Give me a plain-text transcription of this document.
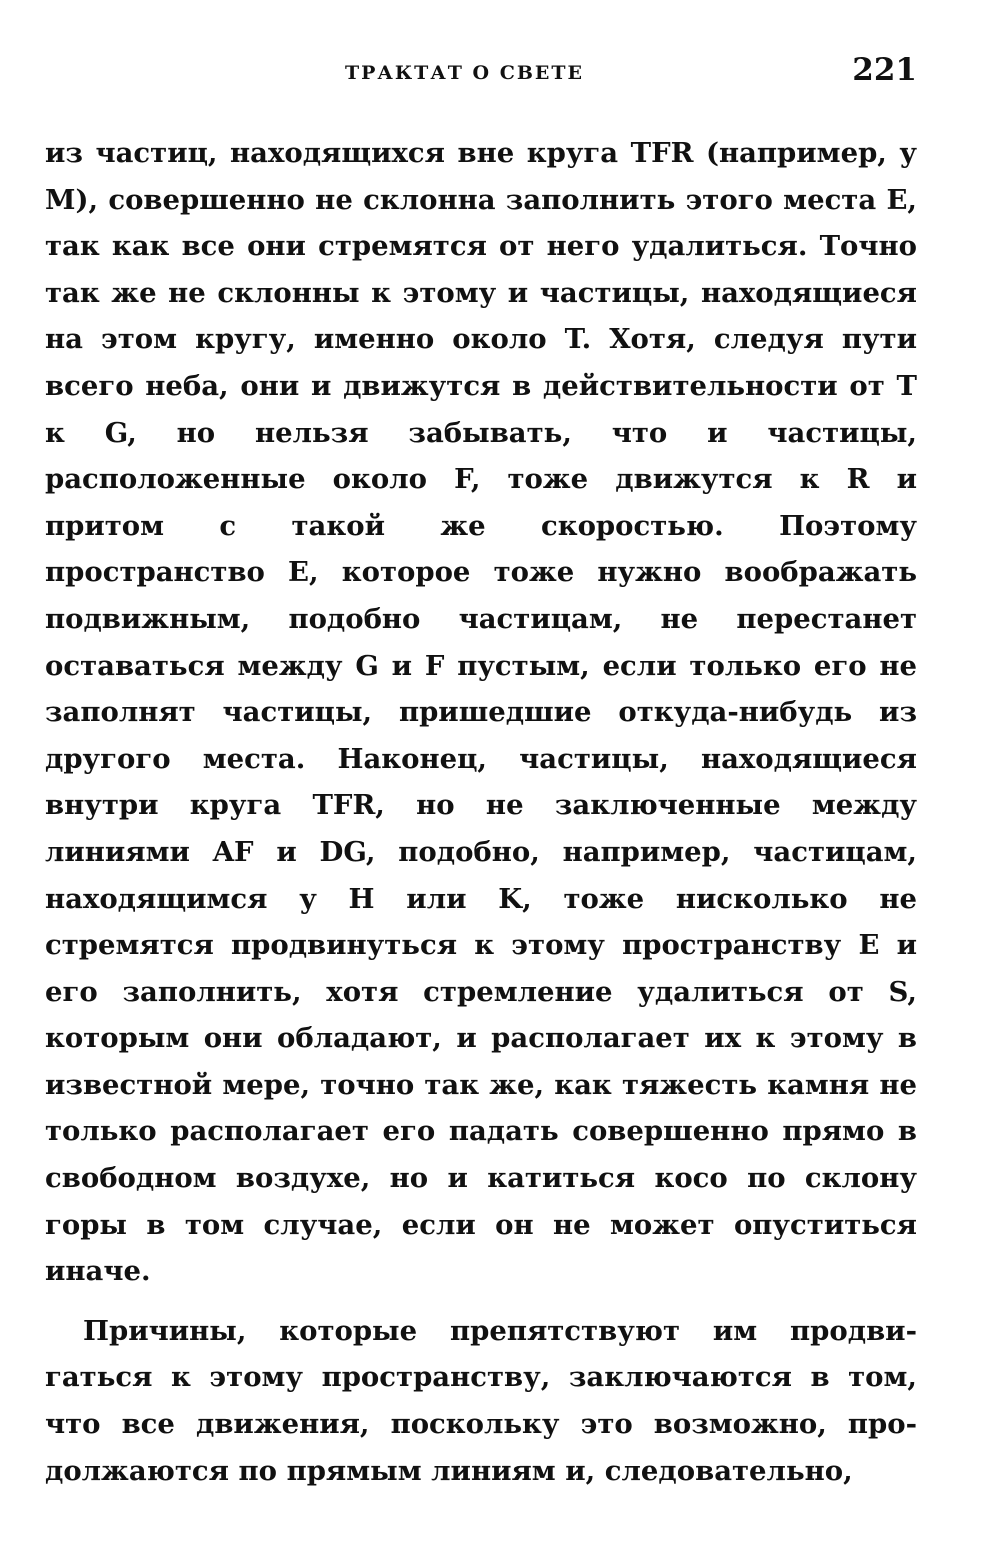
ТРАКТАТ О СВЕТЕ	221

из частиц, находящихся вне круга TFR (например, у M), совершенно не склонна заполнить этого места E, так как все они стремятся от него удалиться. Точно так же не склонны к этому и частицы, находящиеся на этом кругу, именно около T. Хотя, следуя пути всего неба, они и движутся в действительности от T к G, но нельзя забывать, что и частицы, расположенные около F, тоже движутся к R и притом с такой же скоростью. Поэтому пространство E, которое тоже нужно воображать подвижным, подобно частицам, не перестанет оставаться между G и F пустым, если только его не заполнят частицы, пришедшие откуда-нибудь из другого места. Наконец, частицы, находящиеся внутри круга TFR, но не заключенные между линиями AF и DG, подобно, например, частицам, находящимся у H или K, тоже нисколько не стремятся продвинуться к этому пространству E и его заполнить, хотя стремление удалиться от S, которым они обладают, и располагает их к этому в известной мере, точно так же, как тяжесть камня не только располагает его падать совершенно прямо в свободном воздухе, но и катиться косо по склону горы в том случае, если он не может опуститься иначе.

Причины, которые препятствуют им продвигаться к этому пространству, заключаются в том, что все движения, поскольку это возможно, продолжаются по прямым линиям и, следовательно,
